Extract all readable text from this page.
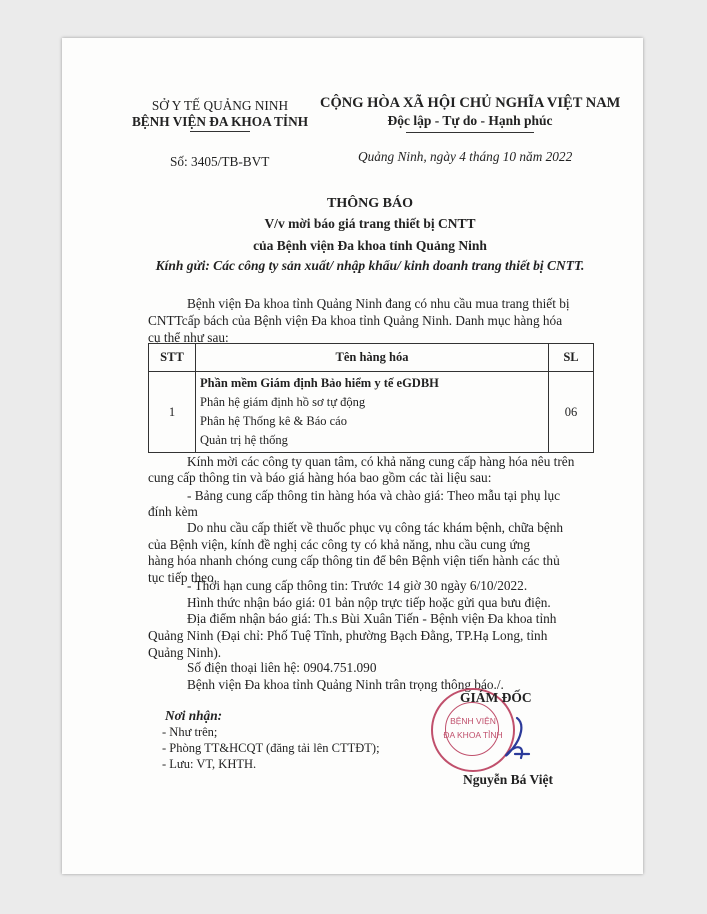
SỞ Y TẾ QUẢNG NINH
BỆNH VIỆN ĐA KHOA TỈNH
CỘNG HÒA XÃ HỘI CHỦ NGHĨA VIỆT NAM
Độc lập - Tự do - Hạnh phúc
Số: 3405/TB-BVT	Quảng Ninh, ngày 4 tháng 10 năm 2022
THÔNG BÁO
V/v mời báo giá trang thiết bị CNTT
của Bệnh viện Đa khoa tỉnh Quảng Ninh
Kính gửi: Các công ty sản xuất/ nhập khẩu/ kinh doanh trang thiết bị CNTT.
Bệnh viện Đa khoa tỉnh Quảng Ninh đang có nhu cầu mua trang thiết bị
CNTTcấp bách của Bệnh viện Đa khoa tỉnh Quảng Ninh. Danh mục hàng hóa
cụ thể như sau:
STT	Tên hàng hóa	SL
1	Phần mềm Giám định Bảo hiểm y tế eGDBH
Phân hệ giám định hồ sơ tự động
Phân hệ Thống kê & Báo cáo
Quản trị hệ thống	06
Kính mời các công ty quan tâm, có khả năng cung cấp hàng hóa nêu trên
cung cấp thông tin và báo giá hàng hóa bao gồm các tài liệu sau:
- Bảng cung cấp thông tin hàng hóa và chào giá: Theo mẫu tại phụ lục
đính kèm
Do nhu cầu cấp thiết về thuốc phục vụ công tác khám bệnh, chữa bệnh
của Bệnh viện, kính đề nghị các công ty có khả năng, nhu cầu cung ứng
hàng hóa nhanh chóng cung cấp thông tin để bên Bệnh viện tiến hành các thủ
tục tiếp theo.
- Thời hạn cung cấp thông tin: Trước 14 giờ 30 ngày 6/10/2022.
Hình thức nhận báo giá: 01 bản nộp trực tiếp hoặc gửi qua bưu điện.
Địa điểm nhận báo giá: Th.s Bùi Xuân Tiến - Bệnh viện Đa khoa tỉnh
Quảng Ninh (Đại chỉ: Phố Tuệ Tĩnh, phường Bạch Đằng, TP.Hạ Long, tỉnh
Quảng Ninh).
Số điện thoại liên hệ: 0904.751.090
Bệnh viện Đa khoa tỉnh Quảng Ninh trân trọng thông báo./.
Nơi nhận:
- Như trên;
- Phòng TT&HCQT (đăng tải lên CTTĐT);
- Lưu: VT, KHTH.
BỆNH VIỆN
ĐA KHOA TỈNH
GIÁM ĐỐC
Nguyễn Bá Việt
